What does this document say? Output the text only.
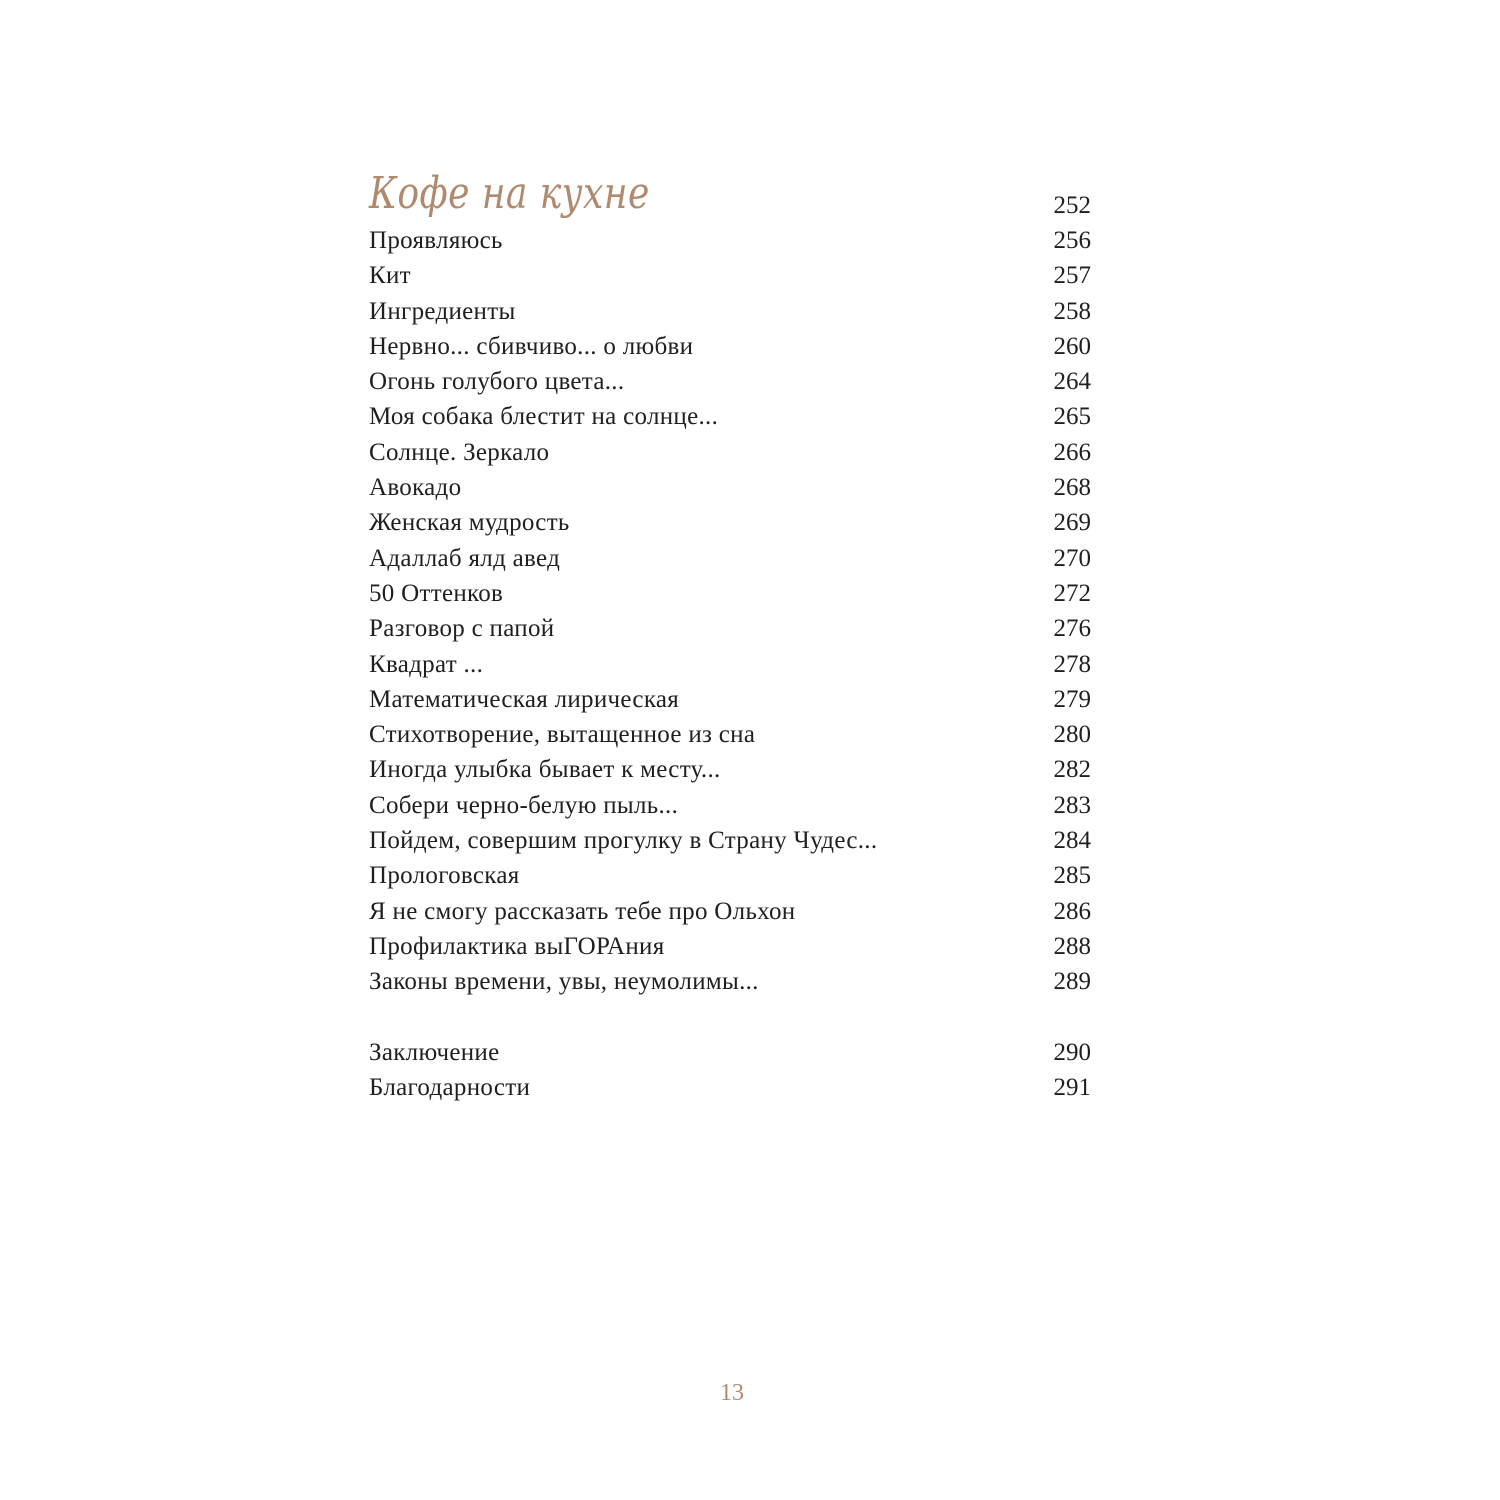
Кофе на кухне	252
Проявляюсь	256
Кит	257
Ингредиенты	258
Нервно... сбивчиво... о любви	260
Огонь голубого цвета...	264
Моя собака блестит на солнце...	265
Солнце. Зеркало	266
Авокадо	268
Женская мудрость	269
Адаллаб ялд авед	270
50 Оттенков	272
Разговор с папой	276
Квадрат ...	278
Математическая лирическая	279
Стихотворение, вытащенное из сна	280
Иногда улыбка бывает к месту...	282
Собери черно-белую пыль...	283
Пойдем, совершим прогулку в Страну Чудес...	284
Прологовская	285
Я не смогу рассказать тебе про Ольхон	286
Профилактика выГОРАния	288
Законы времени, увы, неумолимы...	289
Заключение	290
Благодарности	291
13
